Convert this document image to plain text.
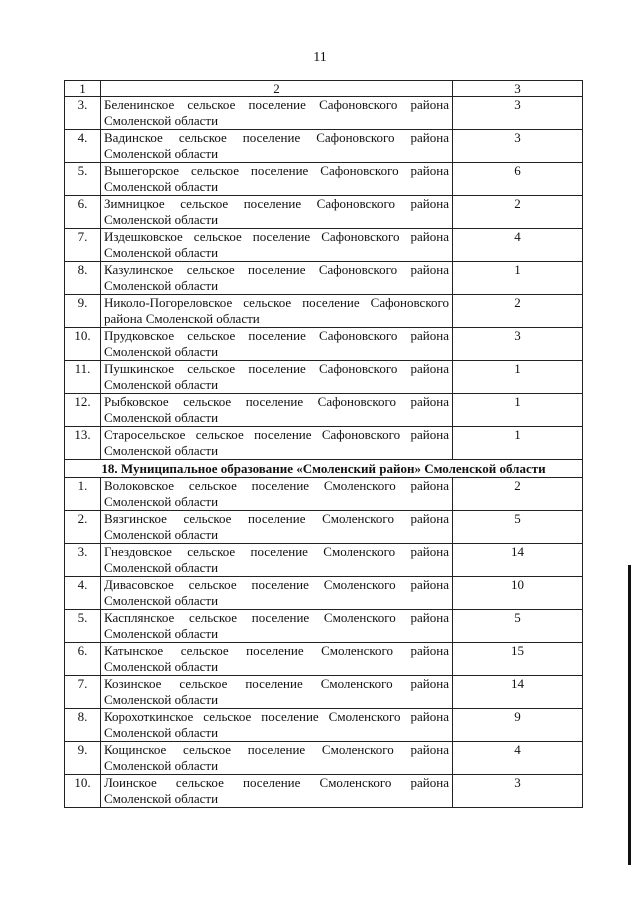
11
1	2	3
3.	Беленинское сельское поселение Сафоновского района Смоленской области	3
4.	Вадинское сельское поселение Сафоновского района Смоленской области	3
5.	Вышегорское сельское поселение Сафоновского района Смоленской области	6
6.	Зимницкое сельское поселение Сафоновского района Смоленской области	2
7.	Издешковское сельское поселение Сафоновского района Смоленской области	4
8.	Казулинское сельское поселение Сафоновского района Смоленской области	1
9.	Николо-Погореловское сельское поселение Сафоновского района Смоленской области	2
10.	Прудковское сельское поселение Сафоновского района Смоленской области	3
11.	Пушкинское сельское поселение Сафоновского района Смоленской области	1
12.	Рыбковское сельское поселение Сафоновского района Смоленской области	1
13.	Старосельское сельское поселение Сафоновского района Смоленской области	1
18. Муниципальное образование «Смоленский район» Смоленской области		
1.	Волоковское сельское поселение Смоленского района Смоленской области	2
2.	Вязгинское сельское поселение Смоленского района Смоленской области	5
3.	Гнездовское сельское поселение Смоленского района Смоленской области	14
4.	Дивасовское сельское поселение Смоленского района Смоленской области	10
5.	Касплянское сельское поселение Смоленского района Смоленской области	5
6.	Катынское сельское поселение Смоленского района Смоленской области	15
7.	Козинское сельское поселение Смоленского района Смоленской области	14
8.	Корохоткинское сельское поселение Смоленского района Смоленской области	9
9.	Кощинское сельское поселение Смоленского района Смоленской области	4
10.	Лоинское сельское поселение Смоленского района Смоленской области	3
